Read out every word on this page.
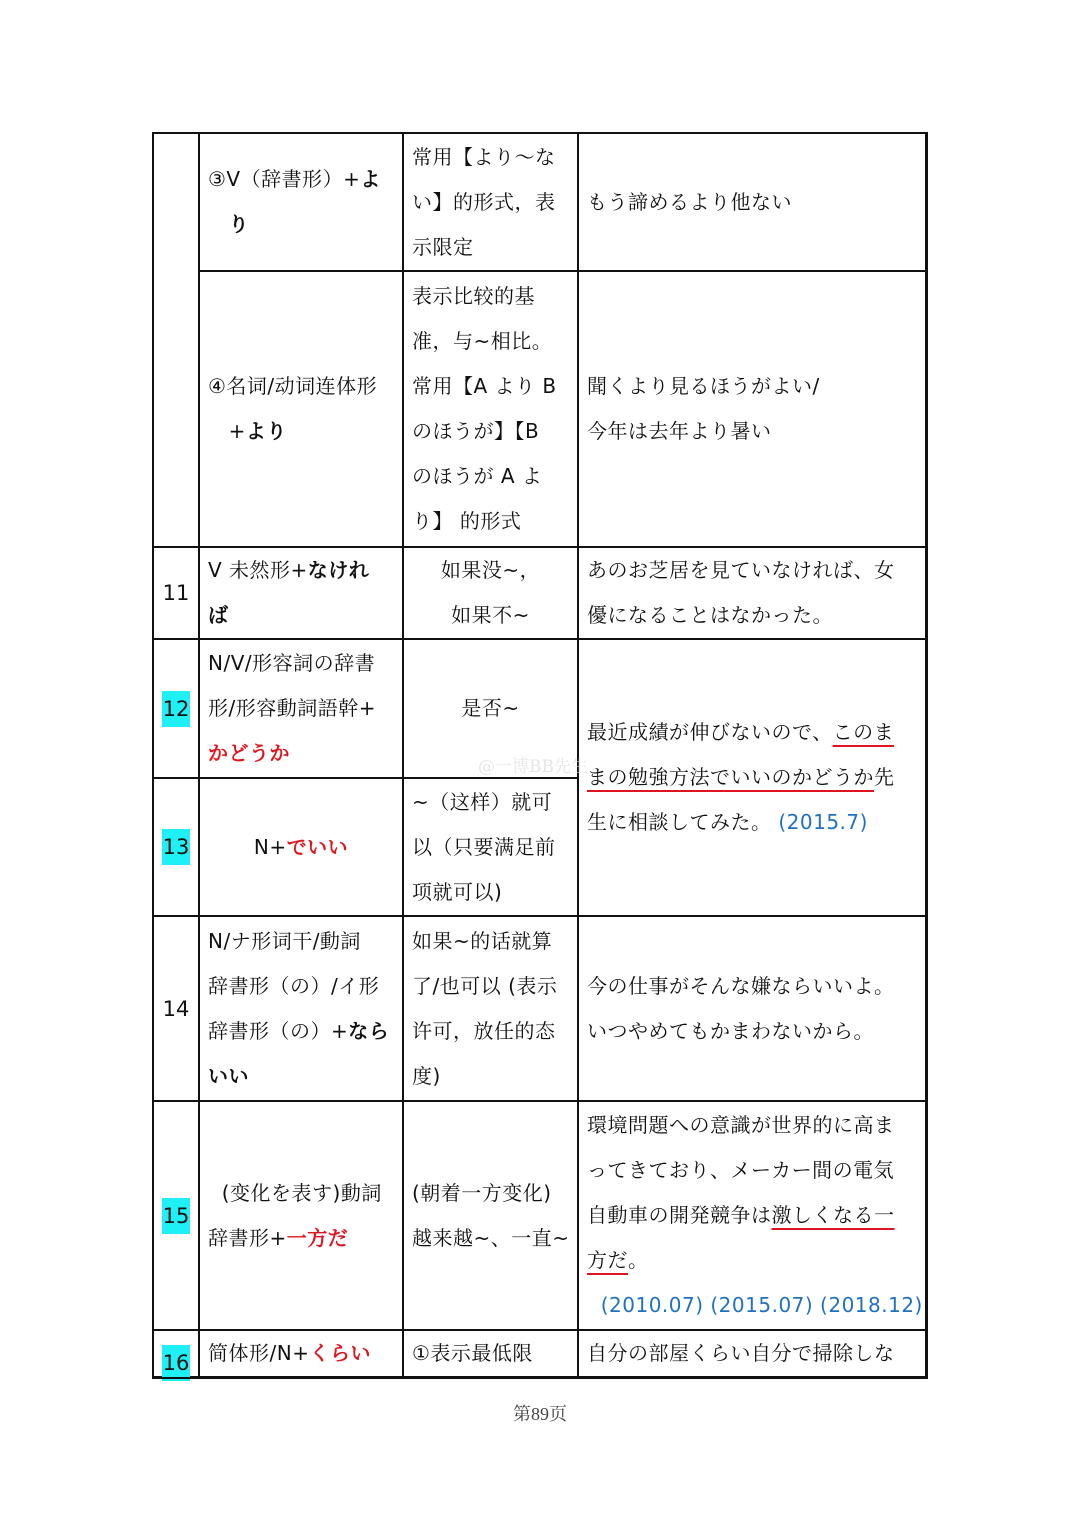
11
12
13
14
15
16
③V（辞書形）+よ
り
常用【より～な
い】的形式，表
示限定
もう諦めるより他ない
④名词/动词连体形
+より
表示比较的基
准，与~相比。
常用【A より B
のほうが】【B
のほうが A よ
り】 的形式
聞くより見るほうがよい/
今年は去年より暑い
V 未然形+なけれ
ば
如果没~，
如果不~
あのお芝居を見ていなければ、女
優になることはなかった。
N/V/形容詞の辞書
形/形容動詞語幹+
かどうか
是否~
最近成績が伸びないので、このま
まの勉強方法でいいのかどうか先
生に相談してみた。 (2015.7)
N+でいい
~（这样）就可
以（只要满足前
项就可以)
N/ナ形词干/動詞
辞書形（の）/イ形
辞書形（の）+なら
いい
如果~的话就算
了/也可以 (表示
许可，放任的态
度)
今の仕事がそんな嫌ならいいよ。
いつやめてもかまわないから。
(变化を表す)動詞
辞書形+一方だ
(朝着一方变化)
越来越~、一直~
環境問題への意識が世界的に高ま
ってきており、メーカー間の電気
自動車の開発競争は激しくなる一
方だ。
(2010.07) (2015.07) (2018.12)
简体形/N+くらい	①表示最低限	自分の部屋くらい自分で掃除しな
@一博BB先生
第89页
